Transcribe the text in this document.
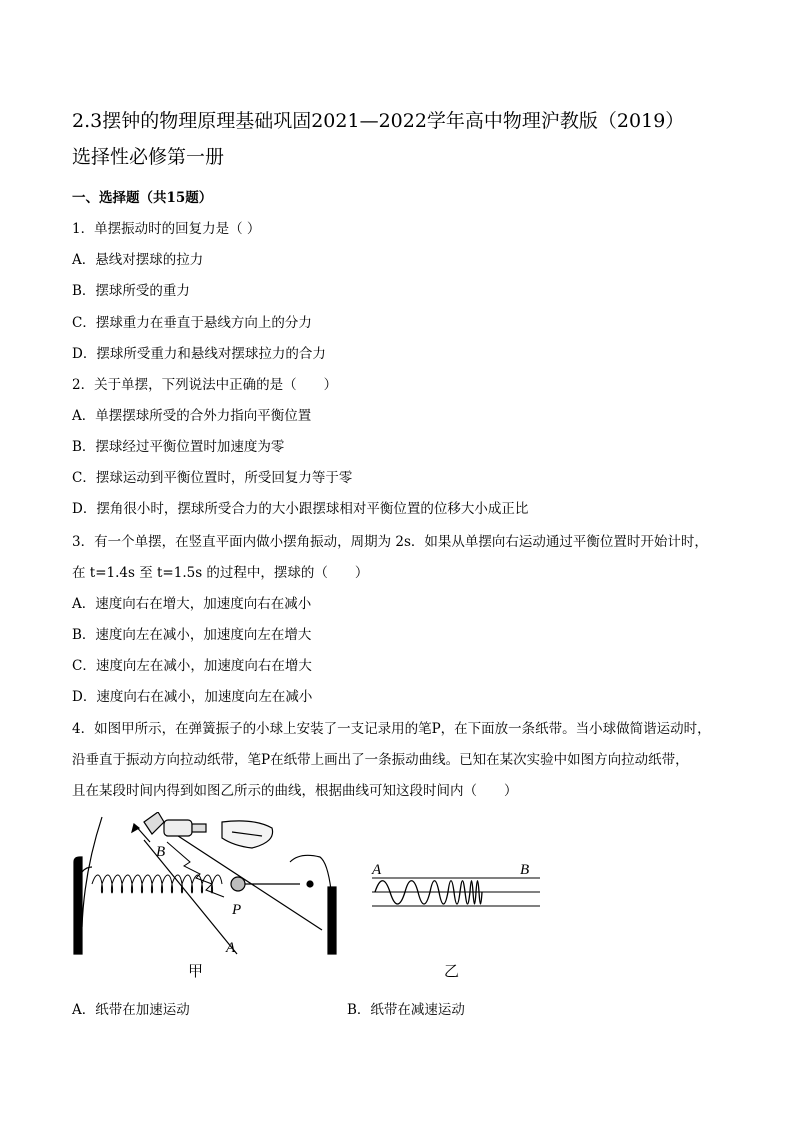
2.3摆钟的物理原理基础巩固2021—2022学年高中物理沪教版（2019）
选择性必修第一册
一、选择题（共15题）
1．单摆振动时的回复力是（ ）
A．悬线对摆球的拉力
B．摆球所受的重力
C．摆球重力在垂直于悬线方向上的分力
D．摆球所受重力和悬线对摆球拉力的合力
2．关于单摆，下列说法中正确的是（　　）
A．单摆摆球所受的合外力指向平衡位置
B．摆球经过平衡位置时加速度为零
C．摆球运动到平衡位置时，所受回复力等于零
D．摆角很小时，摆球所受合力的大小跟摆球相对平衡位置的位移大小成正比
3．有一个单摆，在竖直平面内做小摆角振动，周期为 2s．如果从单摆向右运动通过平衡位置时开始计时，
在 t=1.4s 至 t=1.5s 的过程中，摆球的（　　）
A．速度向右在增大，加速度向右在减小
B．速度向左在减小，加速度向左在增大
C．速度向左在减小，加速度向右在增大
D．速度向右在减小，加速度向左在减小
4．如图甲所示，在弹簧振子的小球上安装了一支记录用的笔P，在下面放一条纸带。当小球做简谐运动时，
沿垂直于振动方向拉动纸带，笔P在纸带上画出了一条振动曲线。已知在某次实验中如图方向拉动纸带，
且在某段时间内得到如图乙所示的曲线，根据曲线可知这段时间内（　　）
B
P
A
A	B
甲	乙
A．纸带在加速运动	B．纸带在减速运动
